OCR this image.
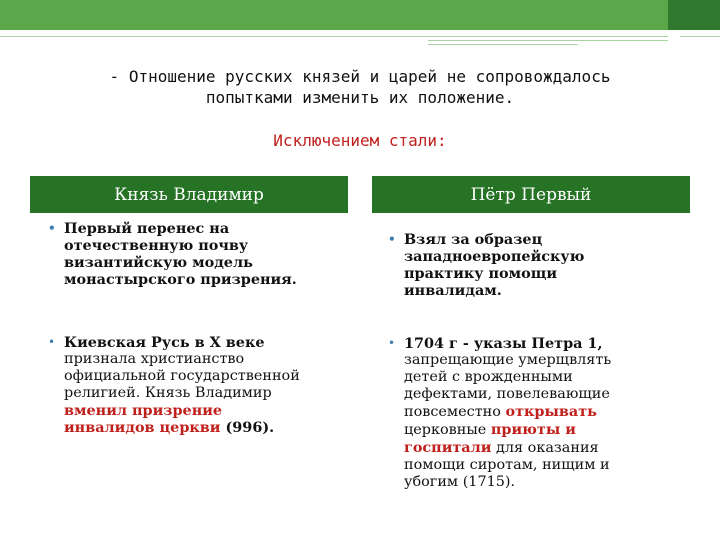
- Отношение русских князей и царей не сопровождалось
попытками изменить их положение.
Исключением стали:
Князь Владимир	Пётр Первый
• Первый перенес на
отечественную почву
византийскую модель
монастырского призрения.
• Киевская Русь в X веке
признала христианство
официальной государственной
религией. Князь Владимир
вменил призрение
инвалидов церкви (996).
• Взял за образец
западноевропейскую
практику помощи
инвалидам.
• 1704 г - указы Петра 1,
запрещающие умерщвлять
детей с врожденными
дефектами, повелевающие
повсеместно открывать
церковные приюты и
госпитали для оказания
помощи сиротам, нищим и
убогим (1715).
